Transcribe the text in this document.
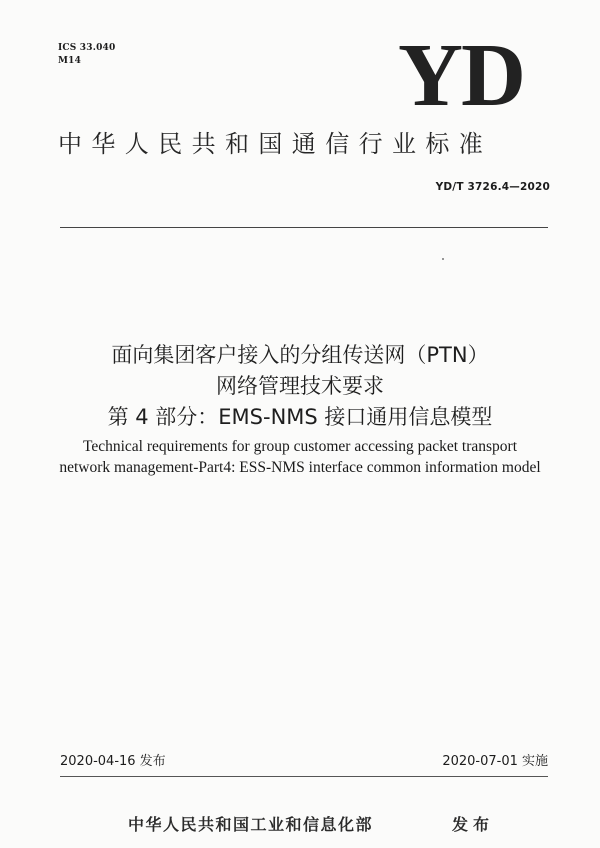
ICS 33.040
M14	YD
中华人民共和国通信行业标准
YD/T 3726.4—2020
面向集团客户接入的分组传送网（PTN）
网络管理技术要求
第 4 部分：EMS-NMS 接口通用信息模型
Technical requirements for group customer accessing packet transport
network management-Part4: ESS-NMS interface common information model
2020-04-16 发布	2020-07-01 实施
中华人民共和国工业和信息化部	发布
